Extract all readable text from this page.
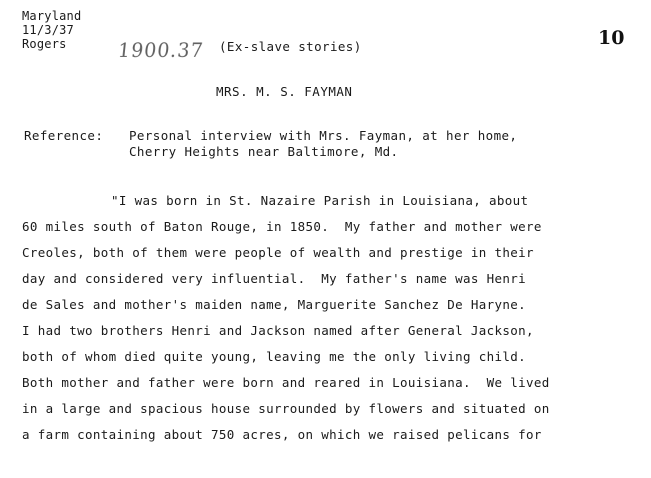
Maryland
11/3/37
Rogers	1900.37 (Ex-slave stories)	10
MRS. M. S. FAYMAN
Reference: Personal interview with Mrs. Fayman, at her home,
Cherry Heights near Baltimore, Md.
"I was born in St. Nazaire Parish in Louisiana, about
60 miles south of Baton Rouge, in 1850.  My father and mother were
Creoles, both of them were people of wealth and prestige in their
day and considered very influential.  My father's name was Henri
de Sales and mother's maiden name, Marguerite Sanchez De Haryne.
I had two brothers Henri and Jackson named after General Jackson,
both of whom died quite young, leaving me the only living child.
Both mother and father were born and reared in Louisiana.  We lived
in a large and spacious house surrounded by flowers and situated on
a farm containing about 750 acres, on which we raised pelicans for
